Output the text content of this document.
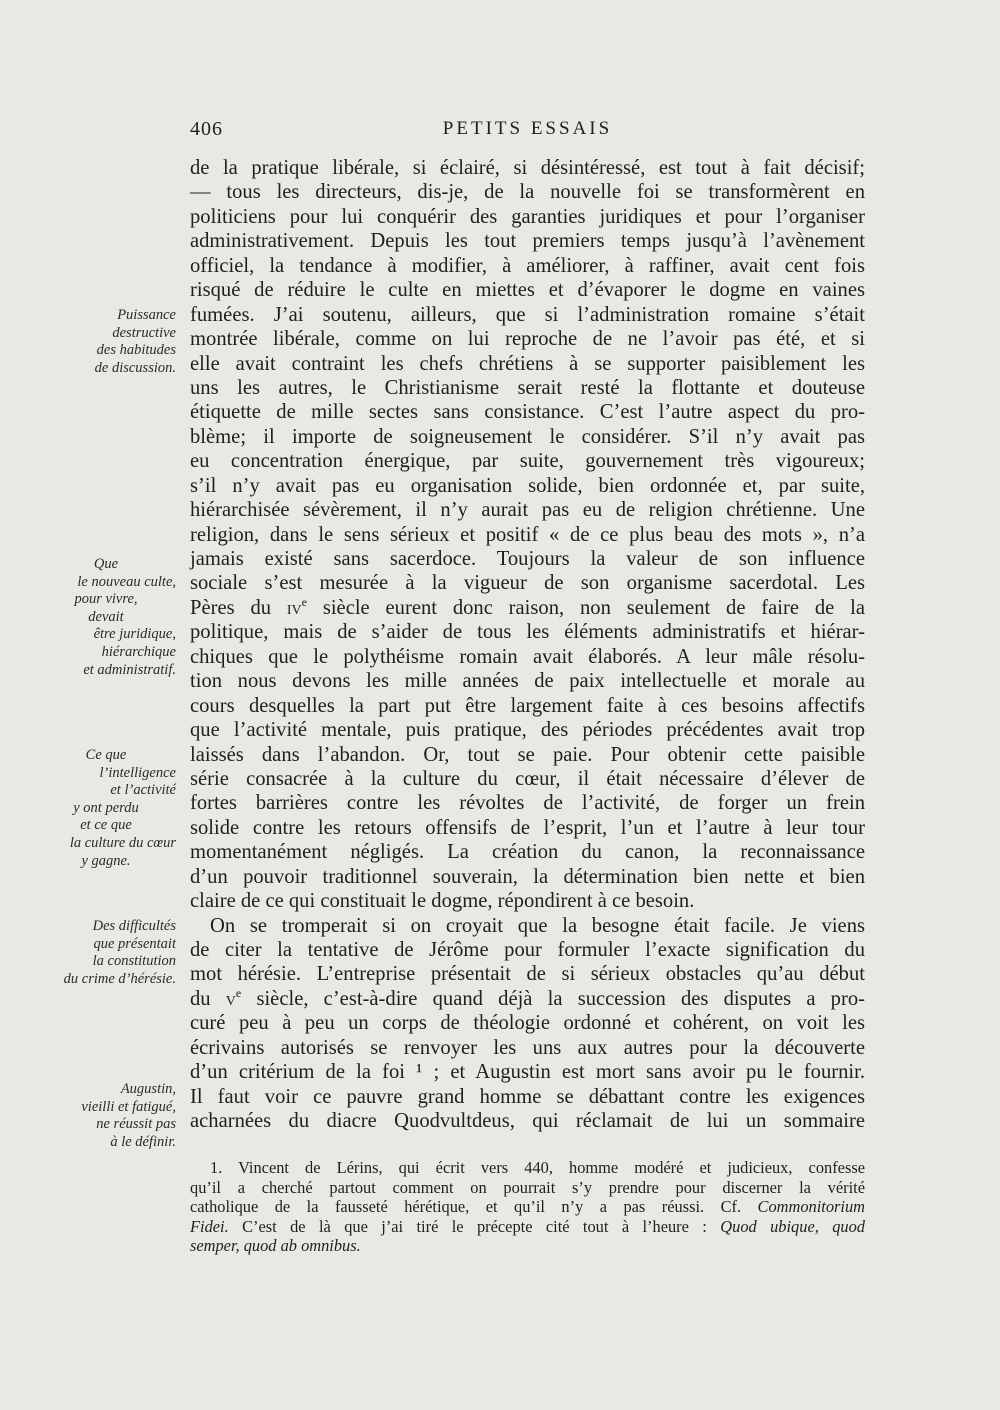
406	PETITS ESSAIS
de la pratique libérale, si éclairé, si désintéressé, est tout à fait décisif;
— tous les directeurs, dis-je, de la nouvelle foi se transformèrent en
politiciens pour lui conquérir des garanties juridiques et pour l’organiser
administrativement. Depuis les tout premiers temps jusqu’à l’avènement
officiel, la tendance à modifier, à améliorer, à raffiner, avait cent fois
risqué de réduire le culte en miettes et d’évaporer le dogme en vaines
fumées. J’ai soutenu, ailleurs, que si l’administration romaine s’était
montrée libérale, comme on lui reproche de ne l’avoir pas été, et si
elle avait contraint les chefs chrétiens à se supporter paisiblement les
uns les autres, le Christianisme serait resté la flottante et douteuse
étiquette de mille sectes sans consistance. C’est l’autre aspect du pro-
blème; il importe de soigneusement le considérer. S’il n’y avait pas
eu concentration énergique, par suite, gouvernement très vigoureux;
s’il n’y avait pas eu organisation solide, bien ordonnée et, par suite,
hiérarchisée sévèrement, il n’y aurait pas eu de religion chrétienne. Une
religion, dans le sens sérieux et positif « de ce plus beau des mots », n’a
jamais existé sans sacerdoce. Toujours la valeur de son influence
sociale s’est mesurée à la vigueur de son organisme sacerdotal. Les
Pères du $iv^e$ siècle eurent donc raison, non seulement de faire de la
politique, mais de s’aider de tous les éléments administratifs et hiérar-
chiques que le polythéisme romain avait élaborés. A leur mâle résolu-
tion nous devons les mille années de paix intellectuelle et morale au
cours desquelles la part put être largement faite à ces besoins affectifs
que l’activité mentale, puis pratique, des périodes précédentes avait trop
laissés dans l’abandon. Or, tout se paie. Pour obtenir cette paisible
série consacrée à la culture du cœur, il était nécessaire d’élever de
fortes barrières contre les révoltes de l’activité, de forger un frein
solide contre les retours offensifs de l’esprit, l’un et l’autre à leur tour
momentanément négligés. La création du canon, la reconnaissance
d’un pouvoir traditionnel souverain, la détermination bien nette et bien
claire de ce qui constituait le dogme, répondirent à ce besoin.
On se tromperait si on croyait que la besogne était facile. Je viens
de citer la tentative de Jérôme pour formuler l’exacte signification du
mot hérésie. L’entreprise présentait de si sérieux obstacles qu’au début
du $v^e$ siècle, c’est-à-dire quand déjà la succession des disputes a pro-
curé peu à peu un corps de théologie ordonné et cohérent, on voit les
écrivains autorisés se renvoyer les uns aux autres pour la découverte
d’un critérium de la foi ¹ ; et Augustin est mort sans avoir pu le fournir.
Il faut voir ce pauvre grand homme se débattant contre les exigences
acharnées du diacre Quodvultdeus, qui réclamait de lui un sommaire
1. Vincent de Lérins, qui écrit vers 440, homme modéré et judicieux, confesse
qu’il a cherché partout comment on pourrait s’y prendre pour discerner la vérité
catholique de la fausseté hérétique, et qu’il n’y a pas réussi. Cf. Commonitorium
Fidei. C’est de là que j’ai tiré le précepte cité tout à l’heure : Quod ubique, quod
semper, quod ab omnibus.
Puissance
destructive
des habitudes
de discussion.
Que
le nouveau culte,
pour vivre,
devait
être juridique,
hiérarchique
et administratif.
Ce que
l’intelligence
et l’activité
y ont perdu
et ce que
la culture du cœur
y gagne.
Des difficultés
que présentait
la constitution
du crime d’hérésie.
Augustin,
vieilli et fatigué,
ne réussit pas
à le définir.
